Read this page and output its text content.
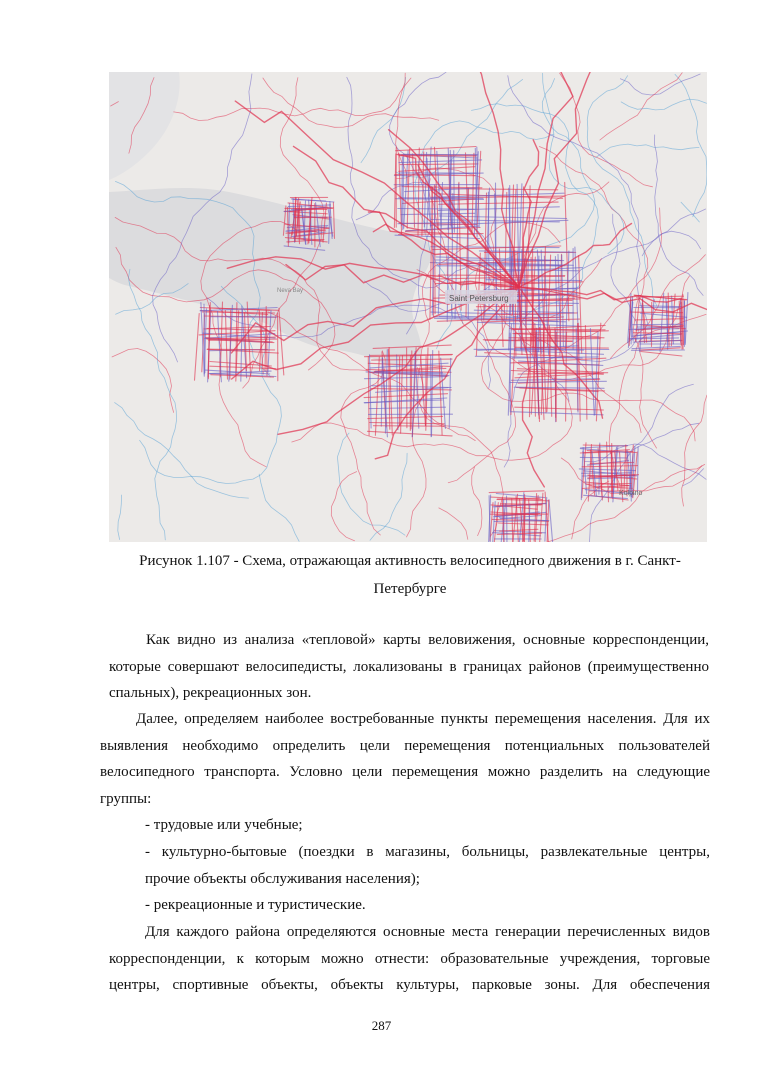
Neva Bay
Saint Petersburg
Kolpino
Рисунок 1.107 - Схема, отражающая активность велосипедного движения в г. Санкт-
Петербурге
Как видно из анализа «тепловой» карты веловижения, основные корреспонденции,
которые совершают велосипедисты, локализованы в границах районов (преимущественно
спальных), рекреационных зон.
Далее, определяем наиболее востребованные пункты перемещения населения. Для их
выявления необходимо определить цели перемещения потенциальных пользователей
велосипедного транспорта. Условно цели перемещения можно разделить на следующие
группы:
- трудовые или учебные;
- культурно-бытовые (поездки в магазины, больницы, развлекательные центры,
прочие объекты обслуживания населения);
- рекреационные и туристические.
Для каждого района определяются основные места генерации перечисленных видов
корреспонденции, к которым можно отнести: образовательные учреждения, торговые
центры, спортивные объекты, объекты культуры, парковые зоны. Для обеспечения
287
